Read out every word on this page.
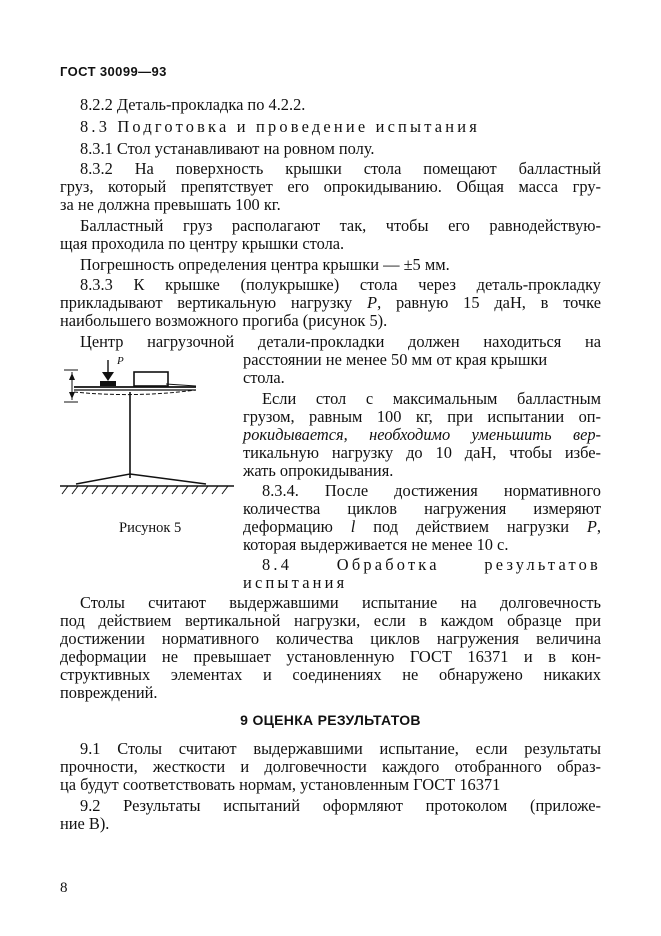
ГОСТ 30099—93
8.2.2 Деталь-прокладка по 4.2.2.
8.3 Подготовка и проведение испытания
8.3.1 Стол устанавливают на ровном полу.
8.3.2 На поверхность крышки стола помещают балластный
груз, который препятствует его опрокидыванию. Общая масса гру-
за не должна превышать 100 кг.
Балластный груз располагают так, чтобы его равнодействую-
щая проходила по центру крышки стола.
Погрешность определения центра крышки — ±5 мм.
8.3.3 К крышке (полукрышке) стола через деталь-прокладку
прикладывают вертикальную нагрузку P, равную 15 даН, в точке
наибольшего возможного прогиба (рисунок 5).
Центр нагрузочной детали-прокладки должен находиться на
расстоянии не менее 50 мм от края крышки
стола.
Если стол с максимальным балластным
грузом, равным 100 кг, при испытании оп-
рокидывается, необходимо уменьшить вер-
тикальную нагрузку до 10 даН, чтобы избе-
жать опрокидывания.
8.3.4. После достижения нормативного
количества циклов нагружения измеряют
деформацию l под действием нагрузки P,
которая выдерживается не менее 10 с.
8.4 Обработка результатов
испытания
P
Рисунок 5
Столы считают выдержавшими испытание на долговечность
под действием вертикальной нагрузки, если в каждом образце при
достижении нормативного количества циклов нагружения величина
деформации не превышает установленную ГОСТ 16371 и в кон-
структивных элементах и соединениях не обнаружено никаких
повреждений.
9 ОЦЕНКА РЕЗУЛЬТАТОВ
9.1 Столы считают выдержавшими испытание, если результаты
прочности, жесткости и долговечности каждого отобранного образ-
ца будут соответствовать нормам, установленным ГОСТ 16371
9.2 Результаты испытаний оформляют протоколом (приложе-
ние В).
8
